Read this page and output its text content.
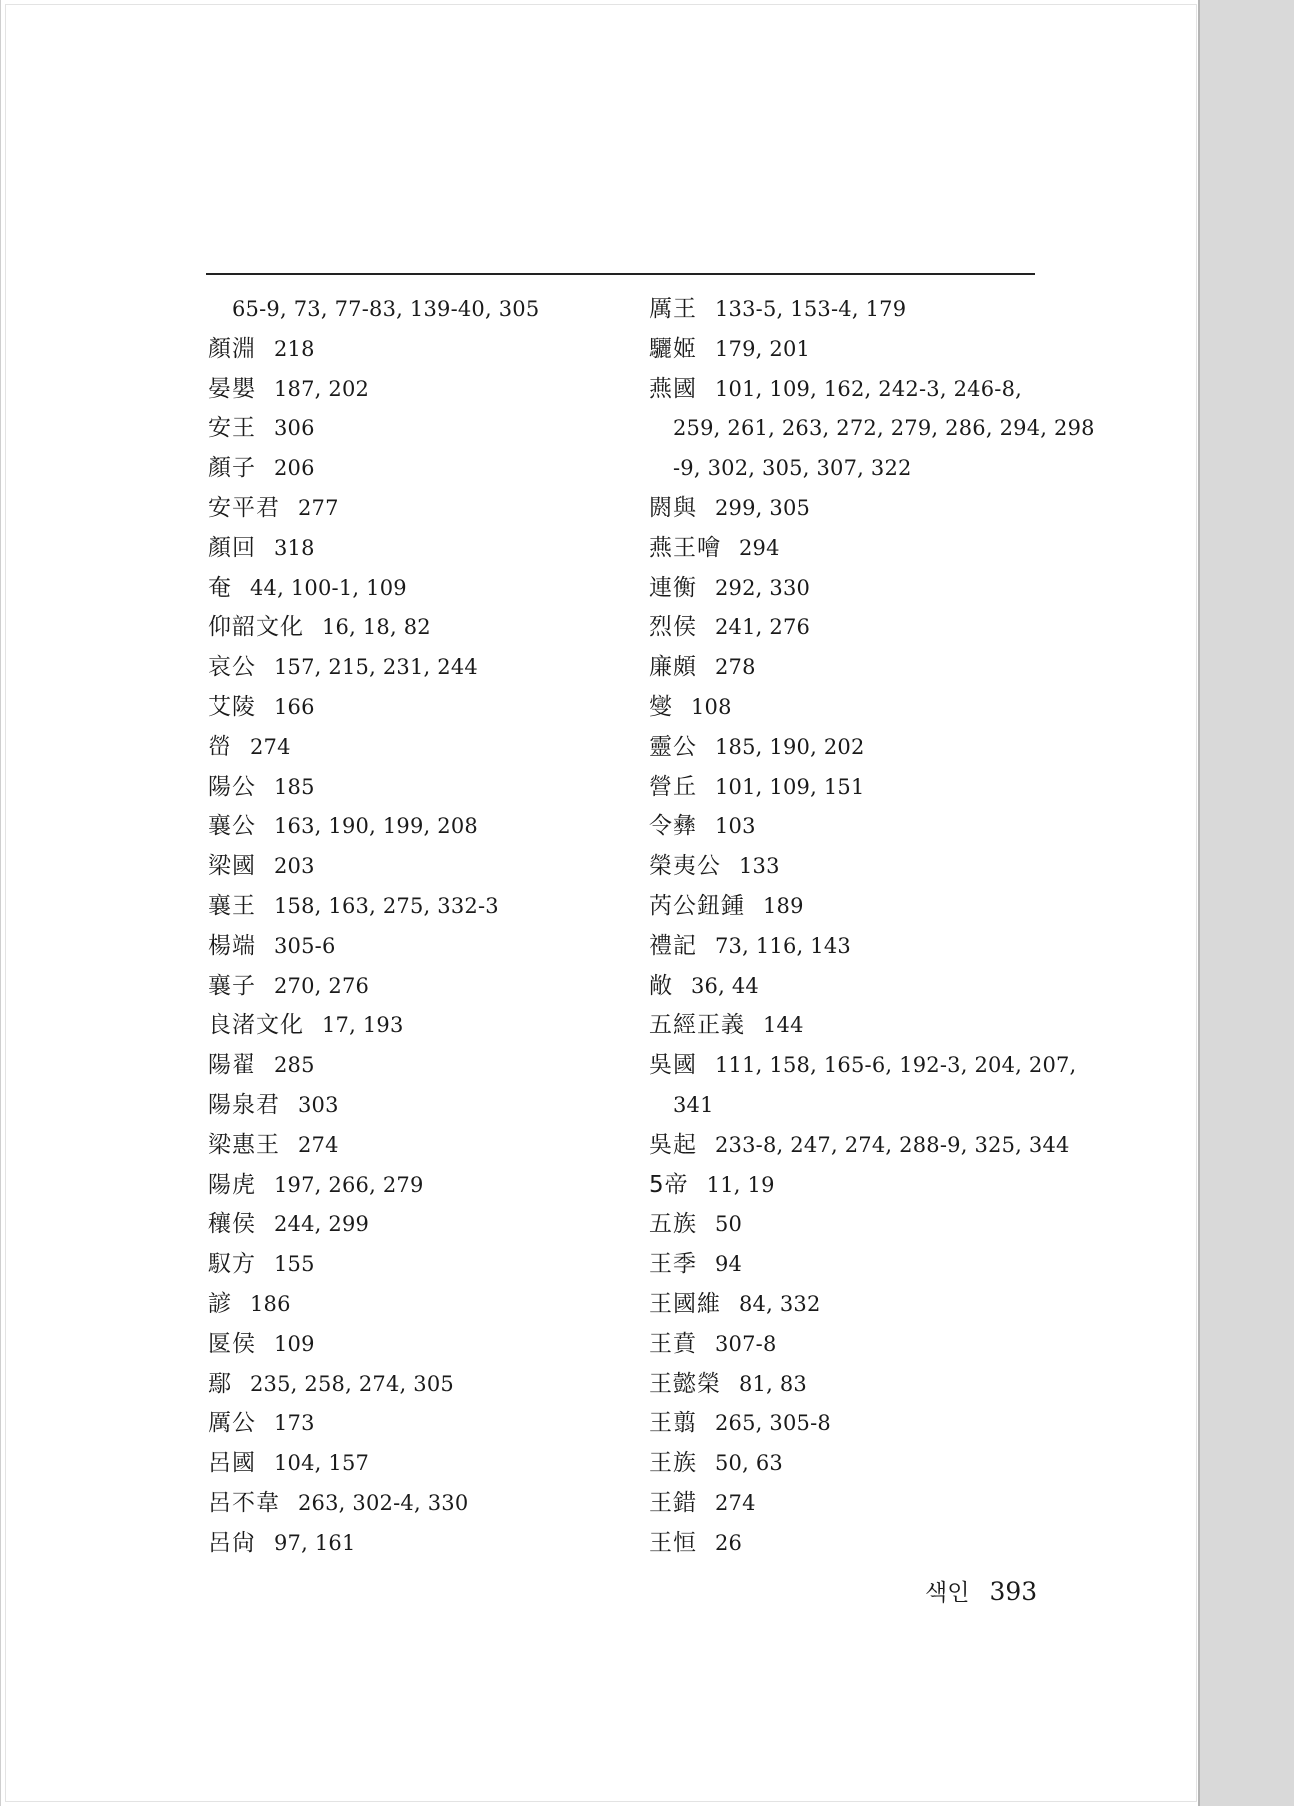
65-9, 73, 77-83, 139-40, 305
顏淵 218
晏嬰 187, 202
安王 306
顏子 206
安平君 277
顏回 318
奄 44, 100-1, 109
仰韶文化 16, 18, 82
哀公 157, 215, 231, 244
艾陵 166
嵤 274
陽公 185
襄公 163, 190, 199, 208
梁國 203
襄王 158, 163, 275, 332-3
楊端 305-6
襄子 270, 276
良渚文化 17, 193
陽翟 285
陽泉君 303
梁惠王 274
陽虎 197, 266, 279
穰侯 244, 299
馭方 155
諺 186
匽侯 109
鄢 235, 258, 274, 305
厲公 173
呂國 104, 157
呂不韋 263, 302-4, 330
呂尙 97, 161
厲王 133-5, 153-4, 179
驪姬 179, 201
燕國 101, 109, 162, 242-3, 246-8,
259, 261, 263, 272, 279, 286, 294, 298
-9, 302, 305, 307, 322
閼與 299, 305
燕王噲 294
連衡 292, 330
烈侯 241, 276
廉頗 278
燮 108
靈公 185, 190, 202
營丘 101, 109, 151
令彝 103
榮夷公 133
芮公鈕鍾 189
禮記 73, 116, 143
敞 36, 44
五經正義 144
吳國 111, 158, 165-6, 192-3, 204, 207,
341
吳起 233-8, 247, 274, 288-9, 325, 344
5帝 11, 19
五族 50
王季 94
王國維 84, 332
王賁 307-8
王懿榮 81, 83
王翦 265, 305-8
王族 50, 63
王錯 274
王恒 26
색인 393
